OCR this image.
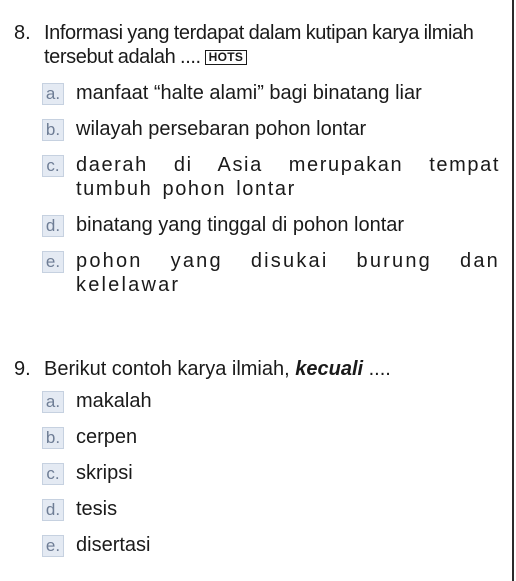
8. Informasi yang terdapat dalam kutipan karya ilmiah tersebut adalah .... HOTS
a. manfaat “halte alami” bagi binatang liar
b. wilayah persebaran pohon lontar
c. daerah di Asia merupakan tempat tumbuh pohon lontar
d. binatang yang tinggal di pohon lontar
e. pohon yang disukai burung dan kelelawar
9. Berikut contoh karya ilmiah, kecuali ....
a. makalah
b. cerpen
c. skripsi
d. tesis
e. disertasi
